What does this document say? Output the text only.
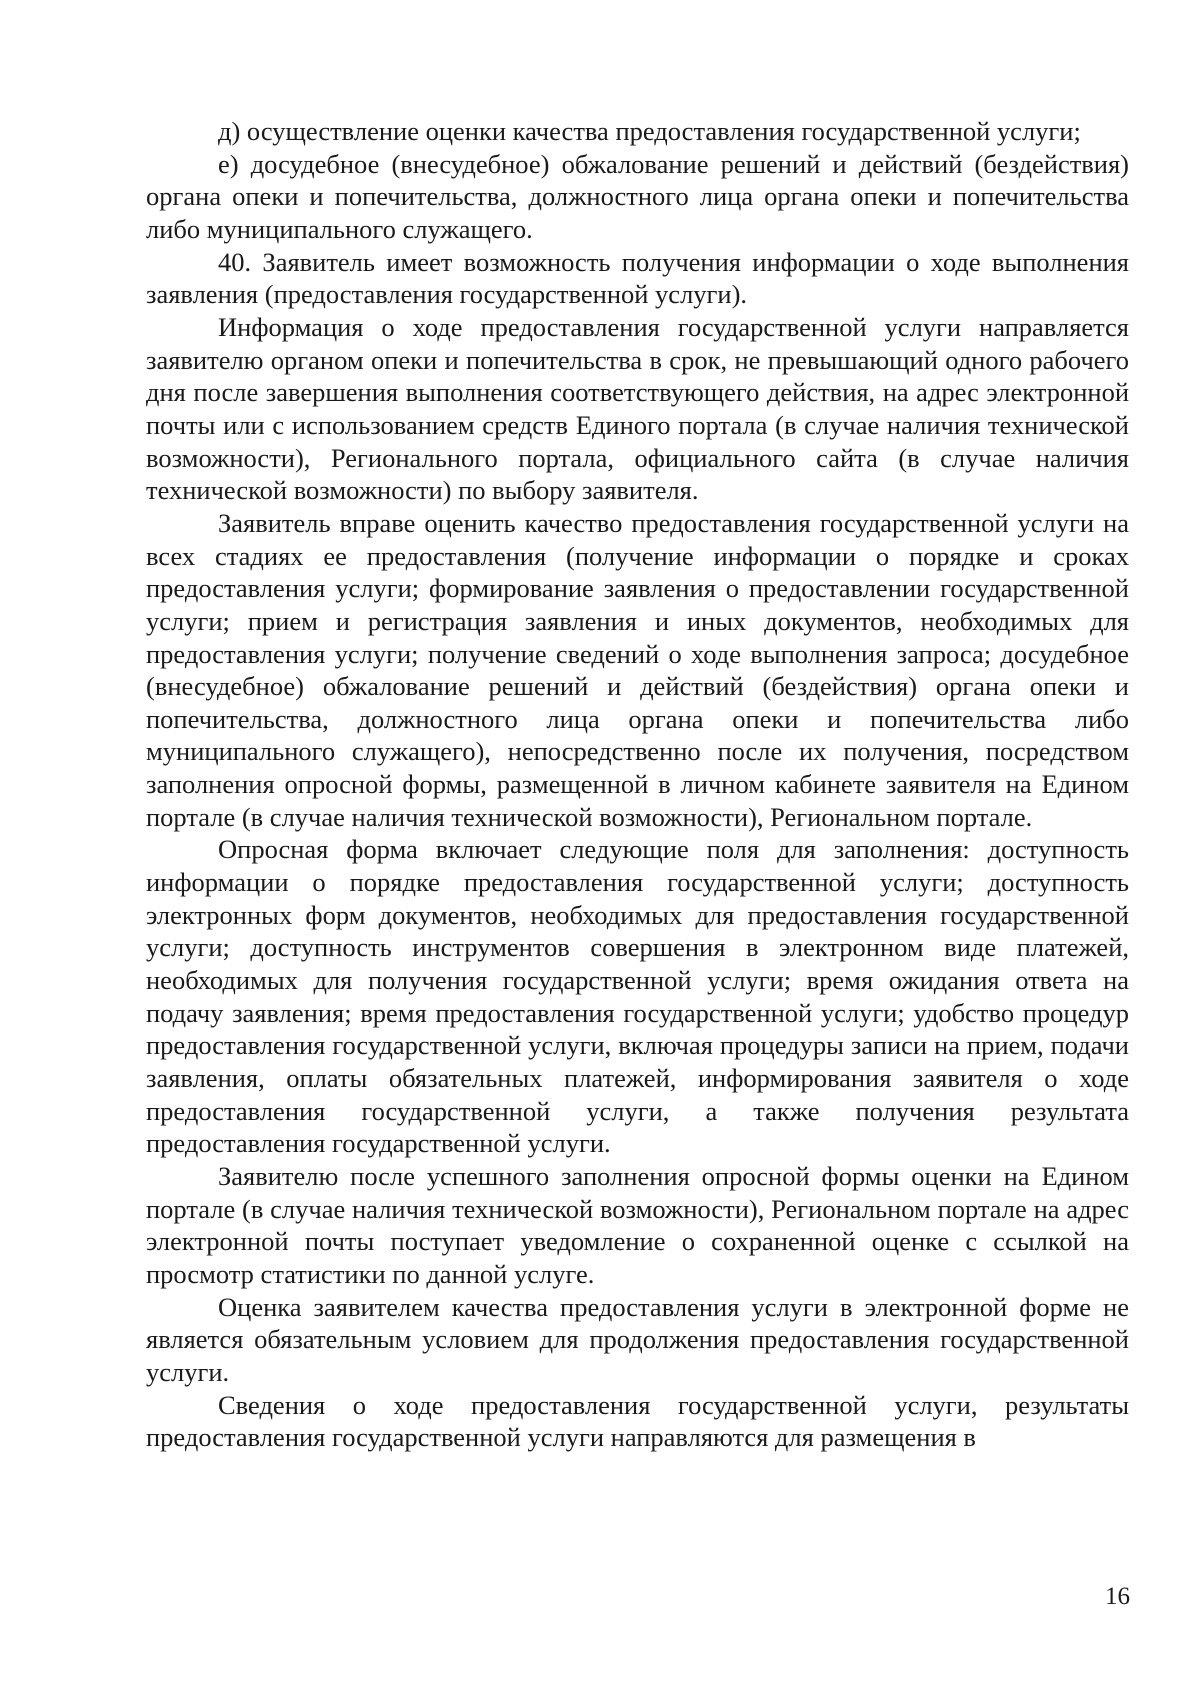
д) осуществление оценки качества предоставления государственной услуги;

е) досудебное (внесудебное) обжалование решений и действий (бездействия) органа опеки и попечительства, должностного лица органа опеки и попечительства либо муниципального служащего.

40. Заявитель имеет возможность получения информации о ходе выполнения заявления (предоставления государственной услуги).

Информация о ходе предоставления государственной услуги направляется заявителю органом опеки и попечительства в срок, не превышающий одного рабочего дня после завершения выполнения соответствующего действия, на адрес электронной почты или с использованием средств Единого портала (в случае наличия технической возможности), Регионального портала, официального сайта (в случае наличия технической возможности) по выбору заявителя.

Заявитель вправе оценить качество предоставления государственной услуги на всех стадиях ее предоставления (получение информации о порядке и сроках предоставления услуги; формирование заявления о предоставлении государственной услуги; прием и регистрация заявления и иных документов, необходимых для предоставления услуги; получение сведений о ходе выполнения запроса; досудебное (внесудебное) обжалование решений и действий (бездействия) органа опеки и попечительства, должностного лица органа опеки и попечительства либо муниципального служащего), непосредственно после их получения, посредством заполнения опросной формы, размещенной в личном кабинете заявителя на Едином портале (в случае наличия технической возможности), Региональном портале.

Опросная форма включает следующие поля для заполнения: доступность информации о порядке предоставления государственной услуги; доступность электронных форм документов, необходимых для предоставления государственной услуги; доступность инструментов совершения в электронном виде платежей, необходимых для получения государственной услуги; время ожидания ответа на подачу заявления; время предоставления государственной услуги; удобство процедур предоставления государственной услуги, включая процедуры записи на прием, подачи заявления, оплаты обязательных платежей, информирования заявителя о ходе предоставления государственной услуги, а также получения результата предоставления государственной услуги.

Заявителю после успешного заполнения опросной формы оценки на Едином портале (в случае наличия технической возможности), Региональном портале на адрес электронной почты поступает уведомление о сохраненной оценке с ссылкой на просмотр статистики по данной услуге.

Оценка заявителем качества предоставления услуги в электронной форме не является обязательным условием для продолжения предоставления государственной услуги.

Сведения о ходе предоставления государственной услуги, результаты предоставления государственной услуги направляются для размещения в

16
